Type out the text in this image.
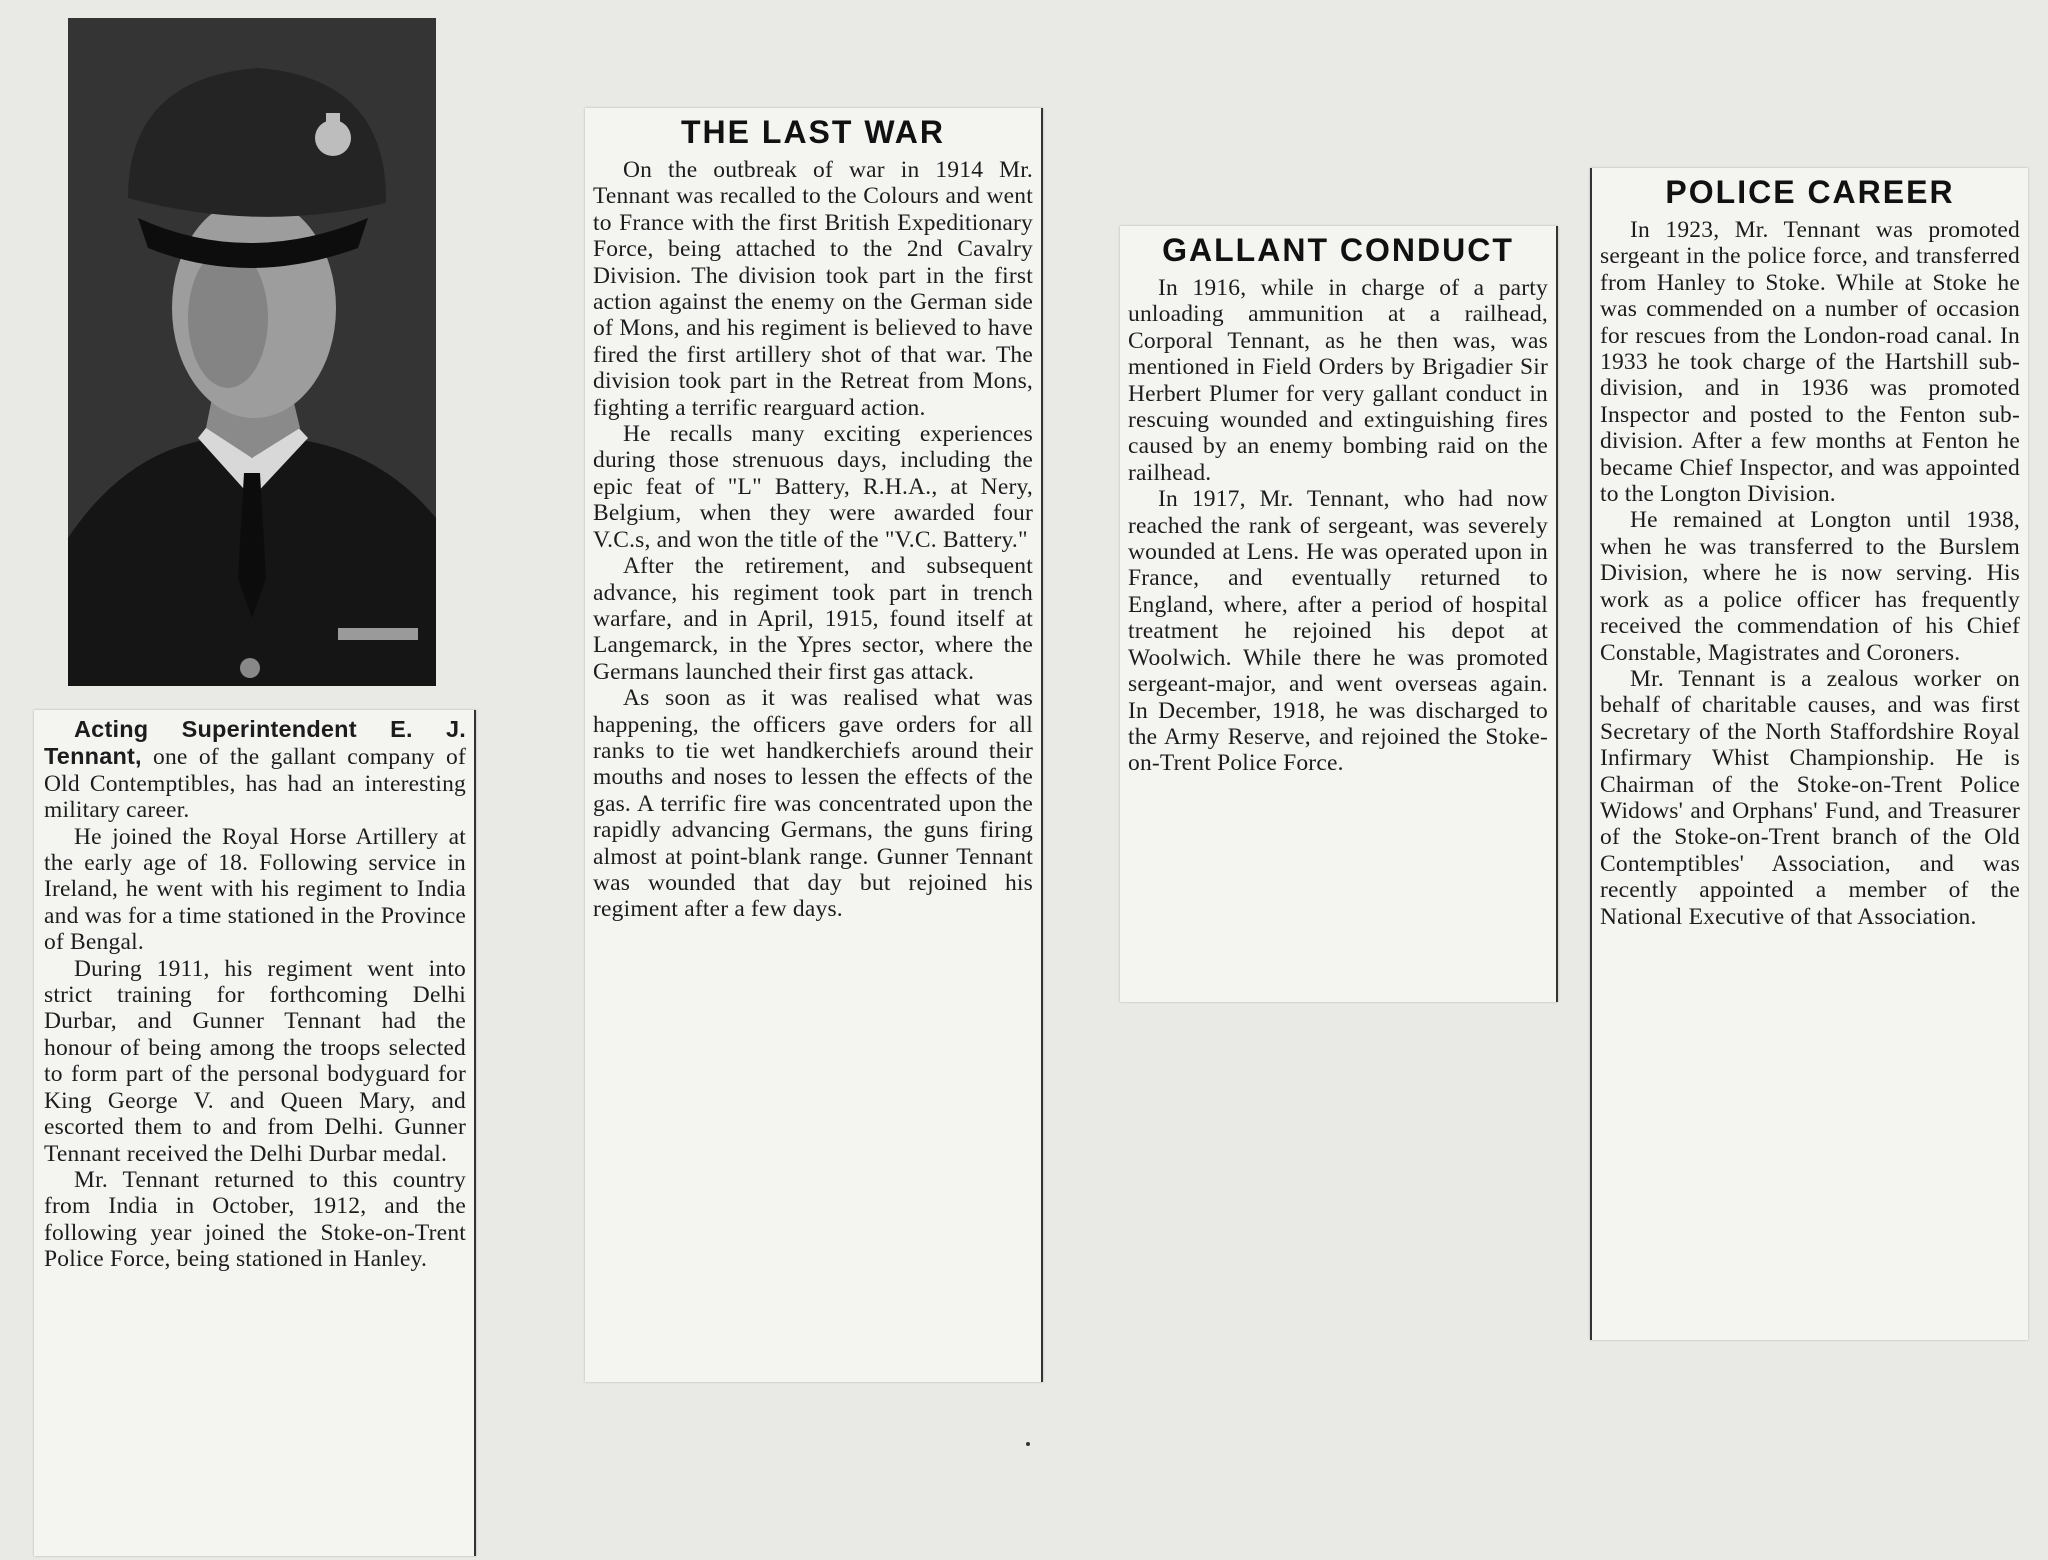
Acting Superintendent E. J. Tennant, one of the gallant company of Old Contemptibles, has had an interesting military career.

He joined the Royal Horse Artillery at the early age of 18. Following service in Ireland, he went with his regiment to India and was for a time stationed in the Province of Bengal.

During 1911, his regiment went into strict training for forthcoming Delhi Durbar, and Gunner Tennant had the honour of being among the troops selected to form part of the personal bodyguard for King George V. and Queen Mary, and escorted them to and from Delhi. Gunner Tennant received the Delhi Durbar medal.

Mr. Tennant returned to this country from India in October, 1912, and the following year joined the Stoke-on-Trent Police Force, being stationed in Hanley.

THE LAST WAR

On the outbreak of war in 1914 Mr. Tennant was recalled to the Colours and went to France with the first British Expeditionary Force, being attached to the 2nd Cavalry Division. The division took part in the first action against the enemy on the German side of Mons, and his regiment is believed to have fired the first artillery shot of that war. The division took part in the Retreat from Mons, fighting a terrific rearguard action.

He recalls many exciting experiences during those strenuous days, including the epic feat of "L" Battery, R.H.A., at Nery, Belgium, when they were awarded four V.C.s, and won the title of the "V.C. Battery."

After the retirement, and subsequent advance, his regiment took part in trench warfare, and in April, 1915, found itself at Langemarck, in the Ypres sector, where the Germans launched their first gas attack.

As soon as it was realised what was happening, the officers gave orders for all ranks to tie wet handkerchiefs around their mouths and noses to lessen the effects of the gas. A terrific fire was concentrated upon the rapidly advancing Germans, the guns firing almost at point-blank range. Gunner Tennant was wounded that day but rejoined his regiment after a few days.

GALLANT CONDUCT

In 1916, while in charge of a party unloading ammunition at a railhead, Corporal Tennant, as he then was, was mentioned in Field Orders by Brigadier Sir Herbert Plumer for very gallant conduct in rescuing wounded and extinguishing fires caused by an enemy bombing raid on the railhead.

In 1917, Mr. Tennant, who had now reached the rank of sergeant, was severely wounded at Lens. He was operated upon in France, and eventually returned to England, where, after a period of hospital treatment he rejoined his depot at Woolwich. While there he was promoted sergeant-major, and went overseas again. In December, 1918, he was discharged to the Army Reserve, and rejoined the Stoke-on-Trent Police Force.

POLICE CAREER

In 1923, Mr. Tennant was promoted sergeant in the police force, and transferred from Hanley to Stoke. While at Stoke he was commended on a number of occasion for rescues from the London-road canal. In 1933 he took charge of the Hartshill sub-division, and in 1936 was promoted Inspector and posted to the Fenton sub-division. After a few months at Fenton he became Chief Inspector, and was appointed to the Longton Division.

He remained at Longton until 1938, when he was transferred to the Burslem Division, where he is now serving. His work as a police officer has frequently received the commendation of his Chief Constable, Magistrates and Coroners.

Mr. Tennant is a zealous worker on behalf of charitable causes, and was first Secretary of the North Staffordshire Royal Infirmary Whist Championship. He is Chairman of the Stoke-on-Trent Police Widows' and Orphans' Fund, and Treasurer of the Stoke-on-Trent branch of the Old Contemptibles' Association, and was recently appointed a member of the National Executive of that Association.
